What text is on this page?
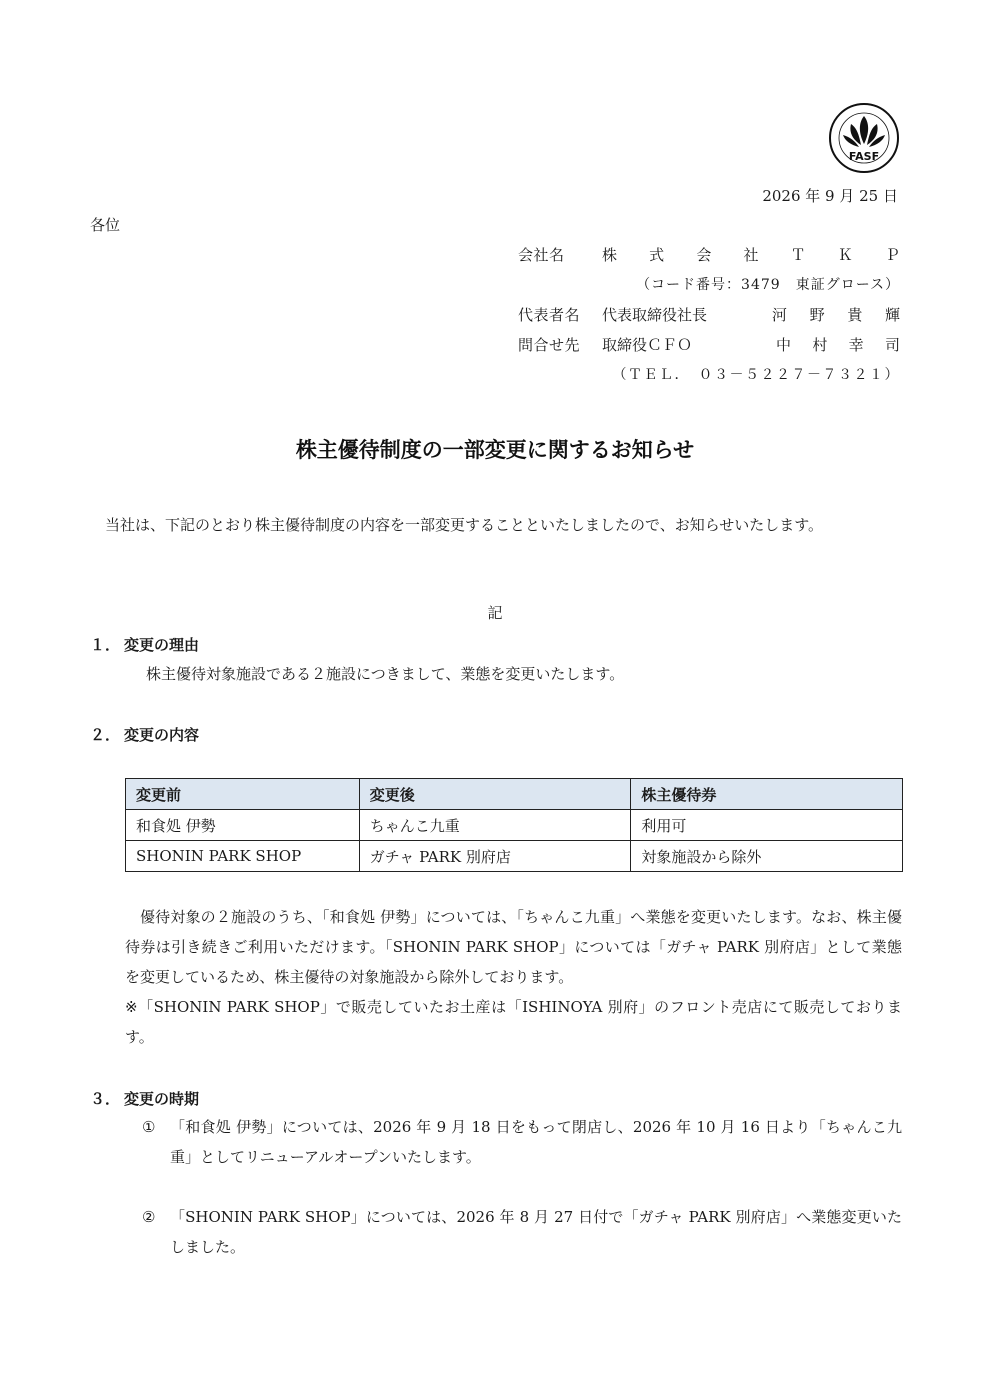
FASF
2026 年 9 月 25 日
各位
会社名 株 式 会 社 Ｔ Ｋ Ｐ
（コード番号：3479　東証グロース）
代表者名 代表取締役社長	河 野 貴 輝
問合せ先 取締役ＣＦＯ	中 村 幸 司
（ＴＥＬ．　０３－５２２７－７３２１）
株主優待制度の一部変更に関するお知らせ
当社は、下記のとおり株主優待制度の内容を一部変更することといたしましたので、お知らせいたします。
記
１． 変更の理由
株主優待対象施設である２施設につきまして、業態を変更いたします。
２． 変更の内容
変更前	変更後	株主優待券
和食処 伊勢	ちゃんこ九重	利用可
SHONIN PARK SHOP	ガチャ PARK 別府店	対象施設から除外
優待対象の２施設のうち、「和食処 伊勢」については、「ちゃんこ九重」へ業態を変更いたします。なお、株主優待券は引き続きご利用いただけます。「SHONIN PARK SHOP」については「ガチャ PARK 別府店」として業態を変更しているため、株主優待の対象施設から除外しております。
※「SHONIN PARK SHOP」で販売していたお土産は「ISHINOYA 別府」のフロント売店にて販売しております。
３． 変更の時期
① 「和食処 伊勢」については、2026 年 9 月 18 日をもって閉店し、2026 年 10 月 16 日より「ちゃんこ九重」としてリニューアルオープンいたします。
② 「SHONIN PARK SHOP」については、2026 年 8 月 27 日付で「ガチャ PARK 別府店」へ業態変更いたしました。
